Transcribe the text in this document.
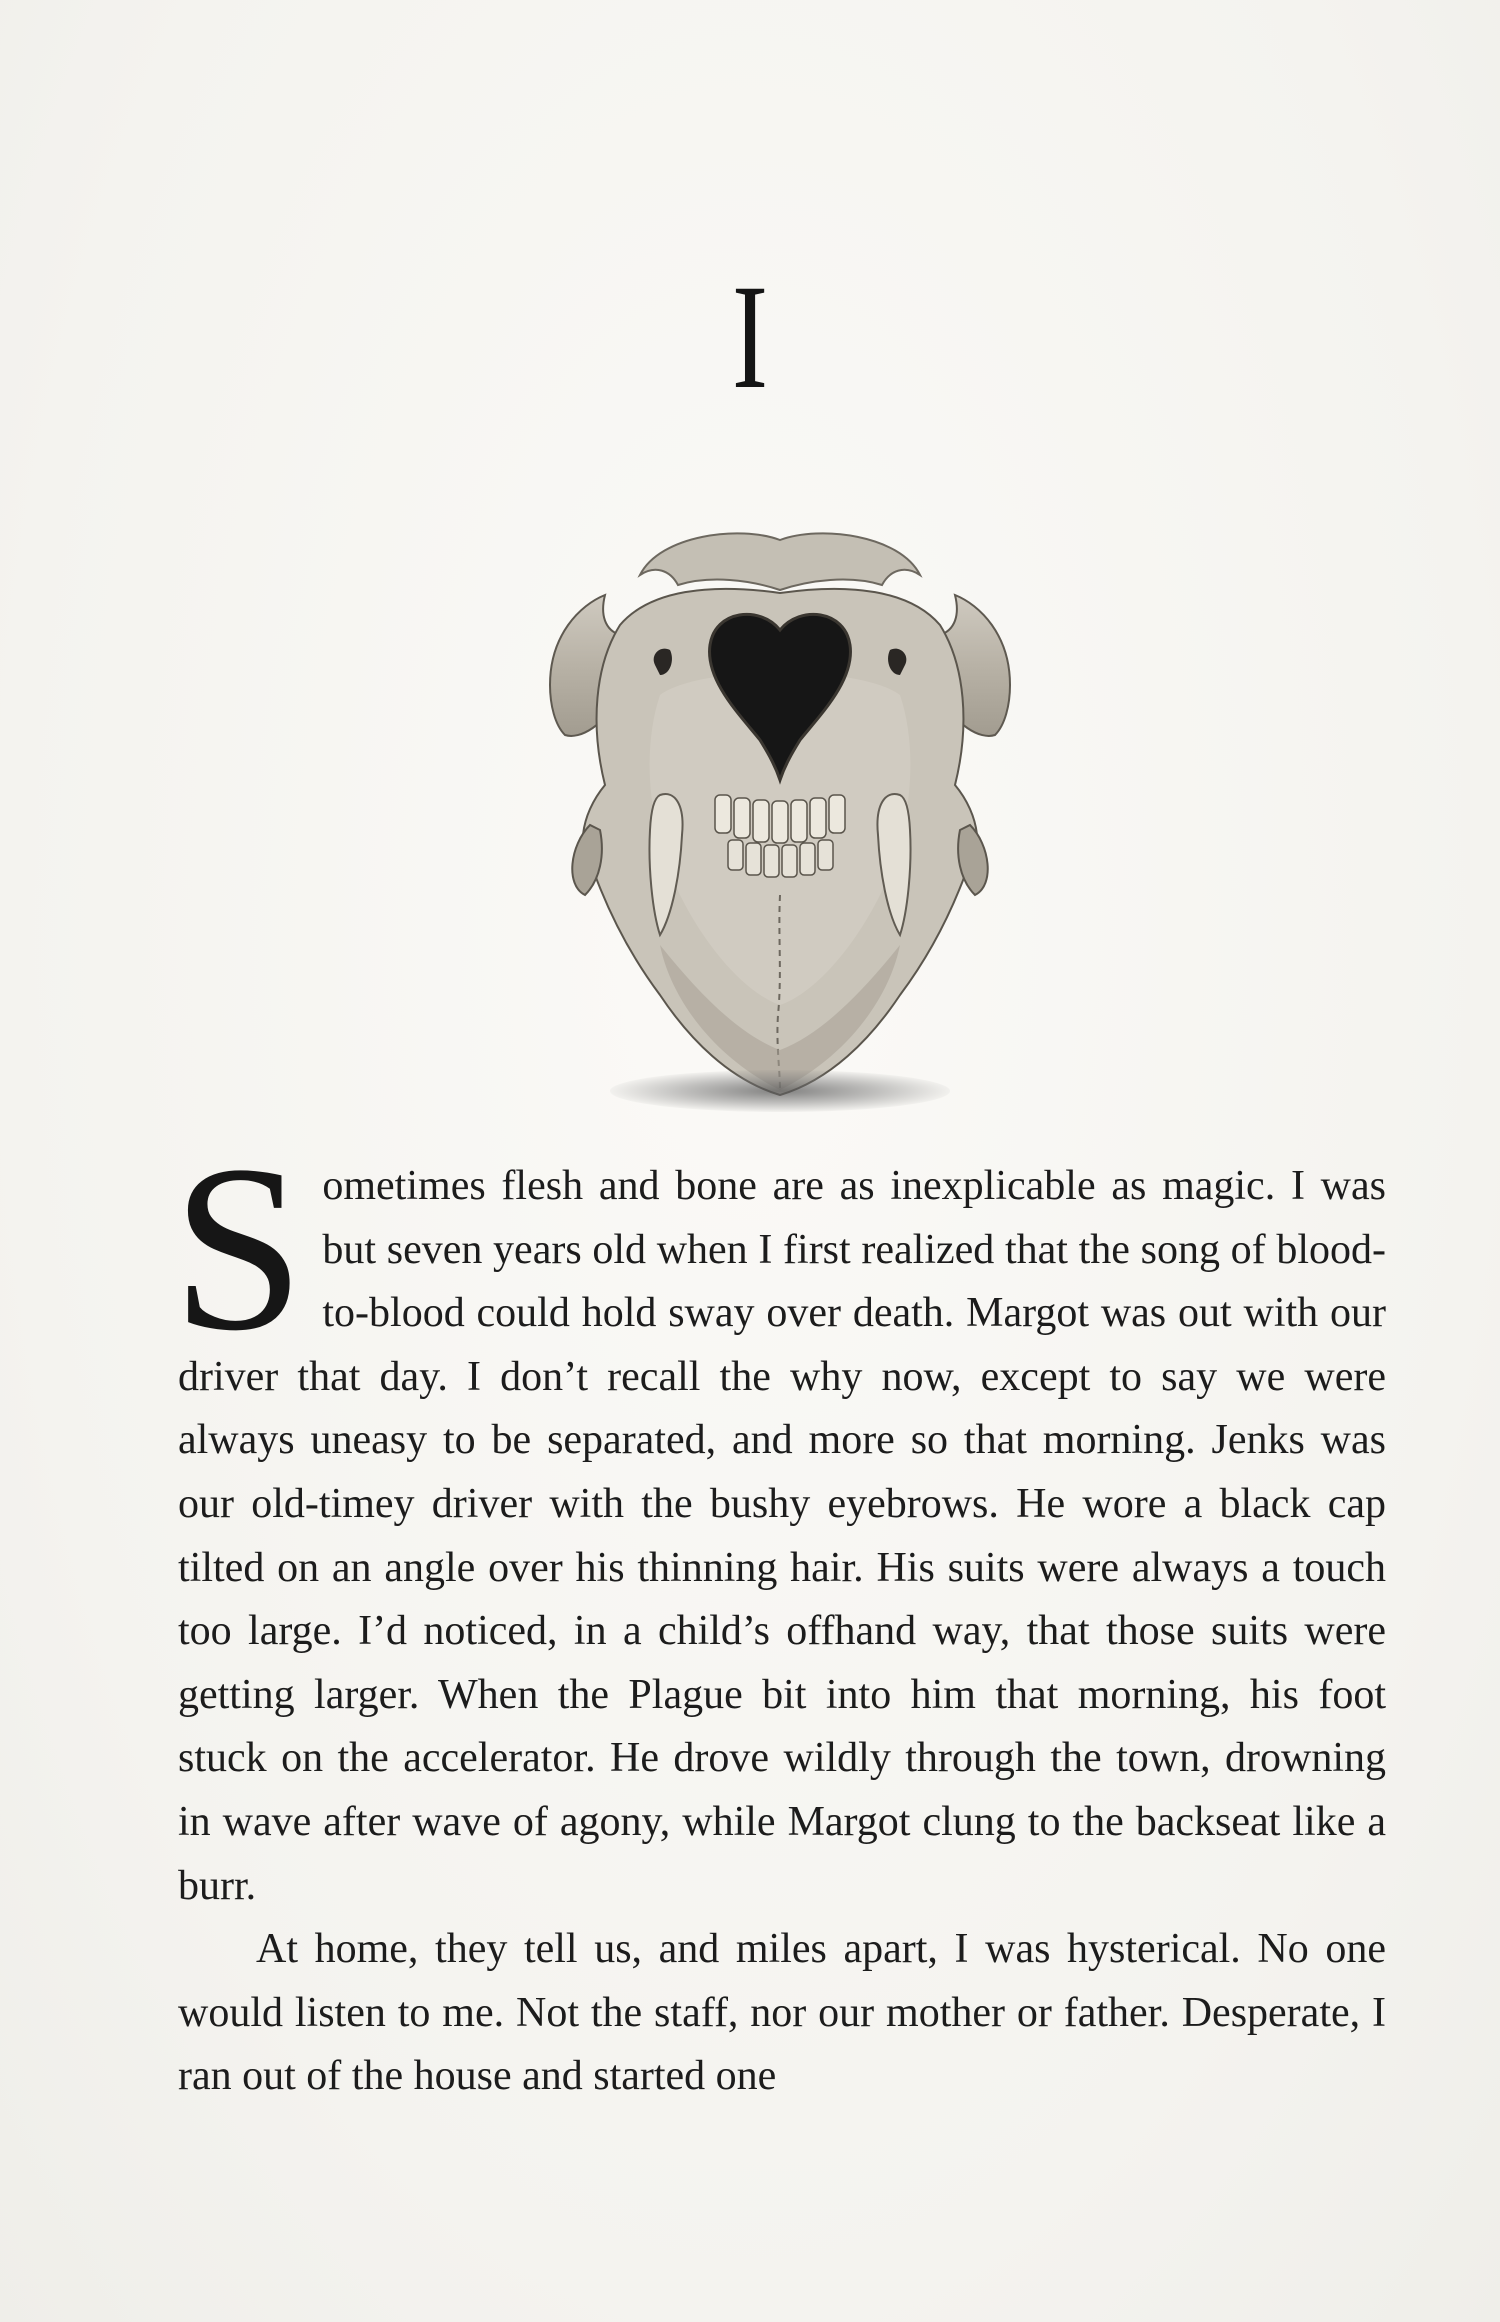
I

Sometimes flesh and bone are as inexplicable as magic. I was but seven years old when I first realized that the song of blood-to-blood could hold sway over death. Margot was out with our driver that day. I don’t recall the why now, except to say we were always uneasy to be separated, and more so that morning. Jenks was our old-timey driver with the bushy eyebrows. He wore a black cap tilted on an angle over his thinning hair. His suits were always a touch too large. I’d noticed, in a child’s offhand way, that those suits were getting larger. When the Plague bit into him that morning, his foot stuck on the accelerator. He drove wildly through the town, drowning in wave after wave of agony, while Margot clung to the backseat like a burr.

At home, they tell us, and miles apart, I was hysterical. No one would listen to me. Not the staff, nor our mother or father. Desperate, I ran out of the house and started one
